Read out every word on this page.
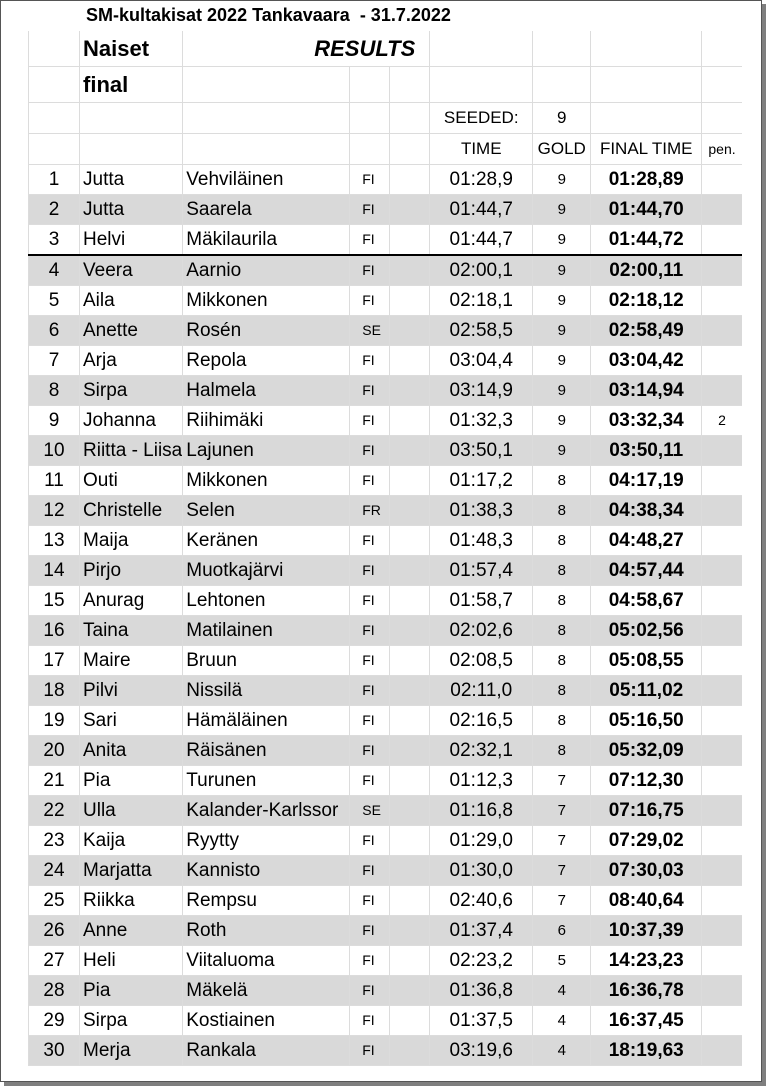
SM-kultakisat 2022 Tankavaara  - 31.7.2022
	Naiset	RESULTS						
	final							
					SEEDED:	9		
					TIME	GOLD	FINAL TIME	pen.
1	Jutta	Vehviläinen	FI		01:28,9	9	01:28,89	
2	Jutta	Saarela	FI		01:44,7	9	01:44,70	
3	Helvi	Mäkilaurila	FI		01:44,7	9	01:44,72	
4	Veera	Aarnio	FI		02:00,1	9	02:00,11	
5	Aila	Mikkonen	FI		02:18,1	9	02:18,12	
6	Anette	Rosén	SE		02:58,5	9	02:58,49	
7	Arja	Repola	FI		03:04,4	9	03:04,42	
8	Sirpa	Halmela	FI		03:14,9	9	03:14,94	
9	Johanna	Riihimäki	FI		01:32,3	9	03:32,34	2
10	Riitta - Liisa	Lajunen	FI		03:50,1	9	03:50,11	
11	Outi	Mikkonen	FI		01:17,2	8	04:17,19	
12	Christelle	Selen	FR		01:38,3	8	04:38,34	
13	Maija	Keränen	FI		01:48,3	8	04:48,27	
14	Pirjo	Muotkajärvi	FI		01:57,4	8	04:57,44	
15	Anurag	Lehtonen	FI		01:58,7	8	04:58,67	
16	Taina	Matilainen	FI		02:02,6	8	05:02,56	
17	Maire	Bruun	FI		02:08,5	8	05:08,55	
18	Pilvi	Nissilä	FI		02:11,0	8	05:11,02	
19	Sari	Hämäläinen	FI		02:16,5	8	05:16,50	
20	Anita	Räisänen	FI		02:32,1	8	05:32,09	
21	Pia	Turunen	FI		01:12,3	7	07:12,30	
22	Ulla	Kalander-Karlssor	SE		01:16,8	7	07:16,75	
23	Kaija	Ryytty	FI		01:29,0	7	07:29,02	
24	Marjatta	Kannisto	FI		01:30,0	7	07:30,03	
25	Riikka	Rempsu	FI		02:40,6	7	08:40,64	
26	Anne	Roth	FI		01:37,4	6	10:37,39	
27	Heli	Viitaluoma	FI		02:23,2	5	14:23,23	
28	Pia	Mäkelä	FI		01:36,8	4	16:36,78	
29	Sirpa	Kostiainen	FI		01:37,5	4	16:37,45	
30	Merja	Rankala	FI		03:19,6	4	18:19,63	
